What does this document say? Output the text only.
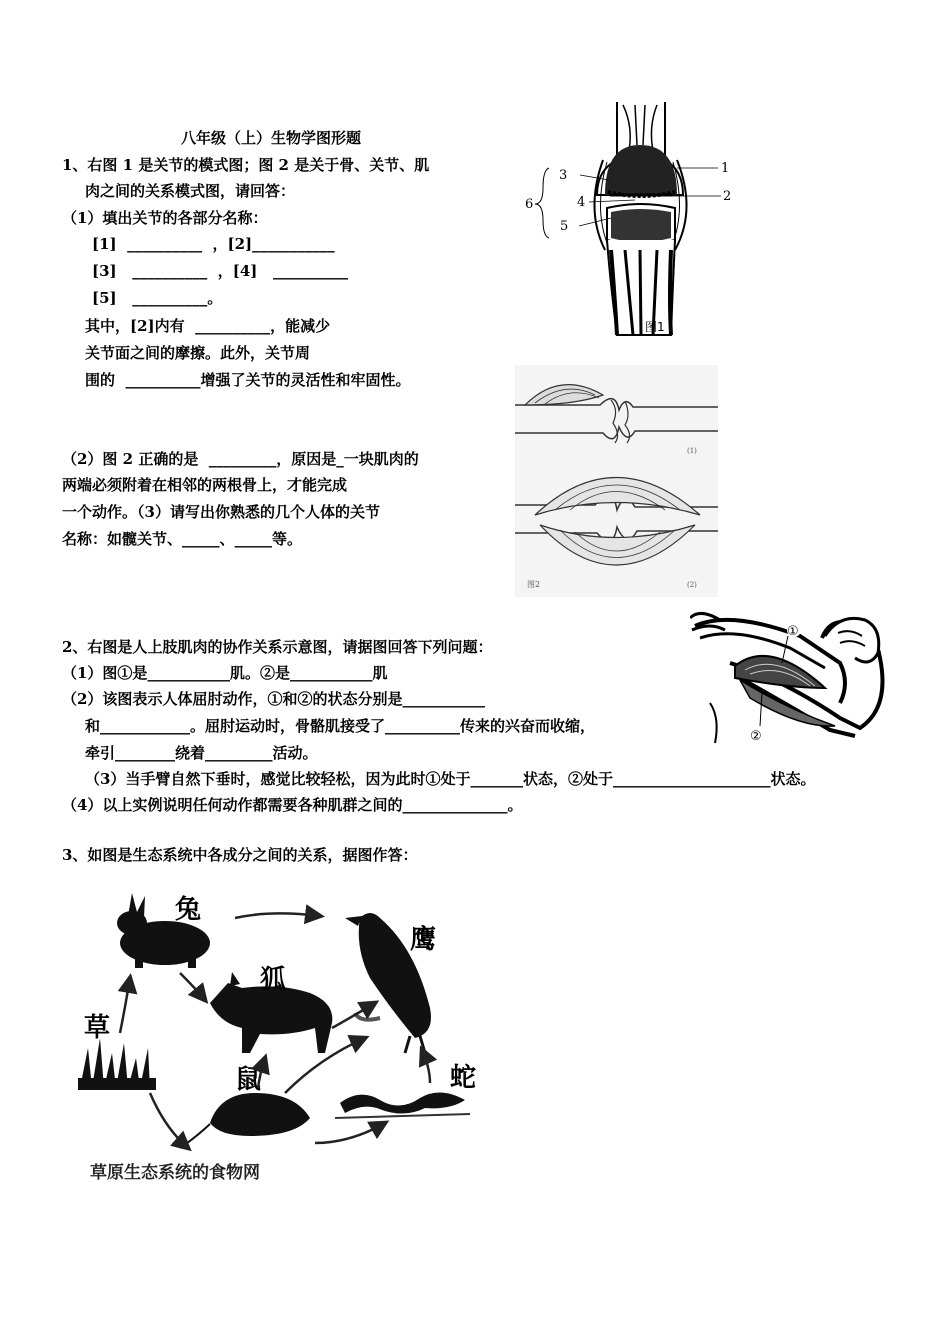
八年级（上）生物学图形题
1、右图 1 是关节的模式图；图 2 是关于骨、关节、肌
肉之间的关系模式图，请回答：
（1）填出关节的各部分名称：
[1]  __________  ，[2]___________
[3]   __________  ，[4]   __________
[5]   __________。
其中，[2]内有  __________，能减少
关节面之间的摩擦。此外，关节周
围的  __________增强了关节的灵活性和牢固性。
（2）图 2 正确的是  _________，原因是_一块肌肉的
两端必须附着在相邻的两根骨上，才能完成
一个动作。（3）请写出你熟悉的几个人体的关节
名称：如髋关节、_____、_____等。
1
2
3
4
5
6
图1
(1)
图2	(2)
2、右图是人上肢肌肉的协作关系示意图，请据图回答下列问题：
（1）图①是___________肌。②是___________肌
（2）该图表示人体屈肘动作，①和②的状态分别是___________
和____________。屈肘运动时，骨骼肌接受了__________传来的兴奋而收缩，
牵引________绕着_________活动。
（3）当手臂自然下垂时，感觉比较轻松，因为此时①处于_______状态，②处于_____________________状态。
（4）以上实例说明任何动作都需要各种肌群之间的______________。
①
②
3、如图是生态系统中各成分之间的关系，据图作答：
兔
鹰
狐
草
鼠	蛇
草原生态系统的食物网
